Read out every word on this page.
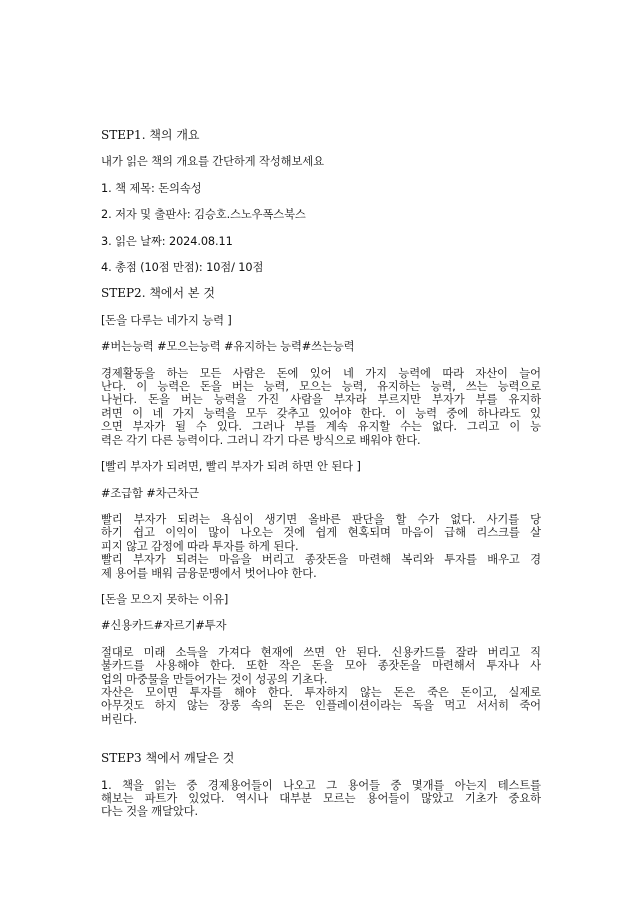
STEP1. 책의 개요

내가 읽은 책의 개요를 간단하게 작성해보세요

1. 책 제목: 돈의속성

2. 저자 및 출판사: 김승호.스노우폭스북스

3. 읽은 날짜: 2024.08.11

4. 총점 (10점 만점): 10점/ 10점

STEP2. 책에서 본 것

[돈을 다루는 네가지 능력 ]

#버는능력 #모으는능력 #유지하는 능력#쓰는능력

경제활동을 하는 모든 사람은 돈에 있어 네 가지 능력에 따라 자산이 늘어

난다. 이 능력은 돈을 버는 능력, 모으는 능력, 유지하는 능력, 쓰는 능력으로

나뉜다. 돈을 버는 능력을 가진 사람을 부자라 부르지만 부자가 부를 유지하

려면 이 네 가지 능력을 모두 갖추고 있어야 한다. 이 능력 중에 하나라도 있

으면 부자가 될 수 있다. 그러나 부를 계속 유지할 수는 없다. 그리고 이 능

력은 각기 다른 능력이다. 그러니 각기 다른 방식으로 배워야 한다.

[빨리 부자가 되려면, 빨리 부자가 되려 하면 안 된다 ]

#조급함 #차근차근

빨리 부자가 되려는 욕심이 생기면 올바른 판단을 할 수가 없다. 사기를 당

하기 쉽고 이익이 많이 나오는 것에 쉽게 현혹되며 마음이 급해 리스크를 살

피지 않고 감정에 따라 투자를 하게 된다.

빨리 부자가 되려는 마음을 버리고 종잣돈을 마련해 복리와 투자를 배우고 경

제 용어를 배워 금융문맹에서 벗어나야 한다.

[돈을 모으지 못하는 이유]

#신용카드#자르기#투자

절대로 미래 소득을 가져다 현재에 쓰면 안 된다. 신용카드를 잘라 버리고 직

불카드를 사용해야 한다. 또한 작은 돈을 모아 종잣돈을 마련해서 투자나 사

업의 마중물을 만들어가는 것이 성공의 기초다.

자산은 모이면 투자를 해야 한다. 투자하지 않는 돈은 죽은 돈이고, 실제로

아무것도 하지 않는 장롱 속의 돈은 인플레이션이라는 독을 먹고 서서히 죽어

버린다.

STEP3 책에서 깨달은 것

1. 책을 읽는 중 경제용어들이 나오고 그 용어들 중 몇개를 아는지 테스트를

해보는 파트가 있었다. 역시나 대부분 모르는 용어들이 많았고 기초가 중요하

다는 것을 깨달았다.
